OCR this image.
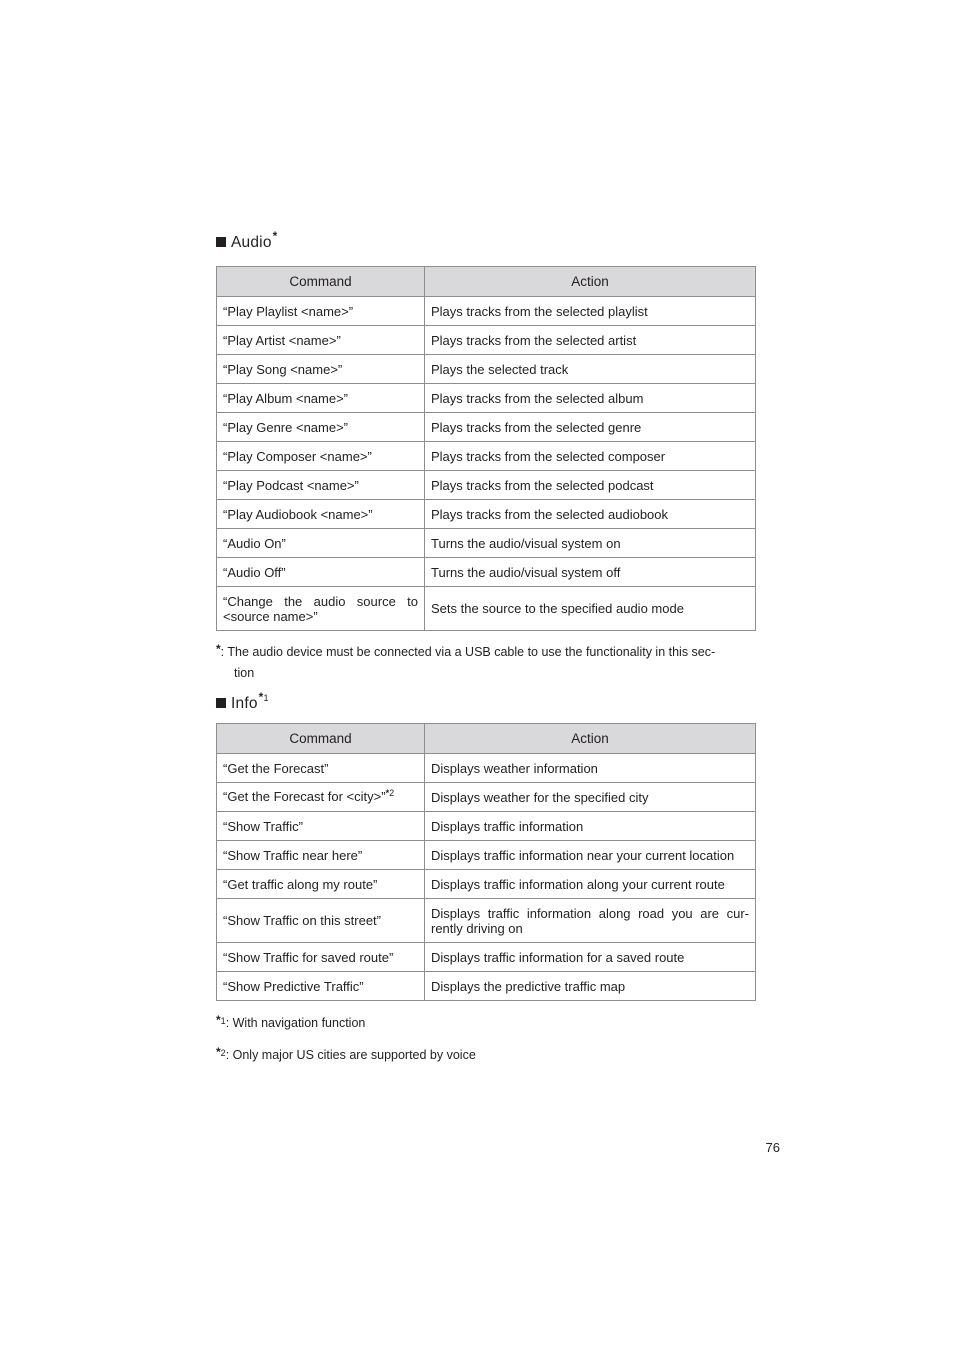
Audio *
Command	Action
“Play Playlist <name>”	Plays tracks from the selected playlist
“Play Artist <name>”	Plays tracks from the selected artist
“Play Song <name>”	Plays the selected track
“Play Album <name>”	Plays tracks from the selected album
“Play Genre <name>”	Plays tracks from the selected genre
“Play Composer <name>”	Plays tracks from the selected composer
“Play Podcast <name>”	Plays tracks from the selected podcast
“Play Audiobook <name>”	Plays tracks from the selected audiobook
“Audio On”	Turns the audio/visual system on
“Audio Off”	Turns the audio/visual system off
“Change the audio source to <source name>”	Sets the source to the specified audio mode
*: The audio device must be connected via a USB cable to use the functionality in this sec-
tion
Info *1
Command	Action
“Get the Forecast”	Displays weather information
“Get the Forecast for <city>”$^{*2}$	Displays weather for the specified city
“Show Traffic”	Displays traffic information
“Show Traffic near here”	Displays traffic information near your current location
“Get traffic along my route”	Displays traffic information along your current route
“Show Traffic on this street”	Displays traffic information along road you are cur- rently driving on
“Show Traffic for saved route”	Displays traffic information for a saved route
“Show Predictive Traffic”	Displays the predictive traffic map
*1: With navigation function
*2: Only major US cities are supported by voice
76
